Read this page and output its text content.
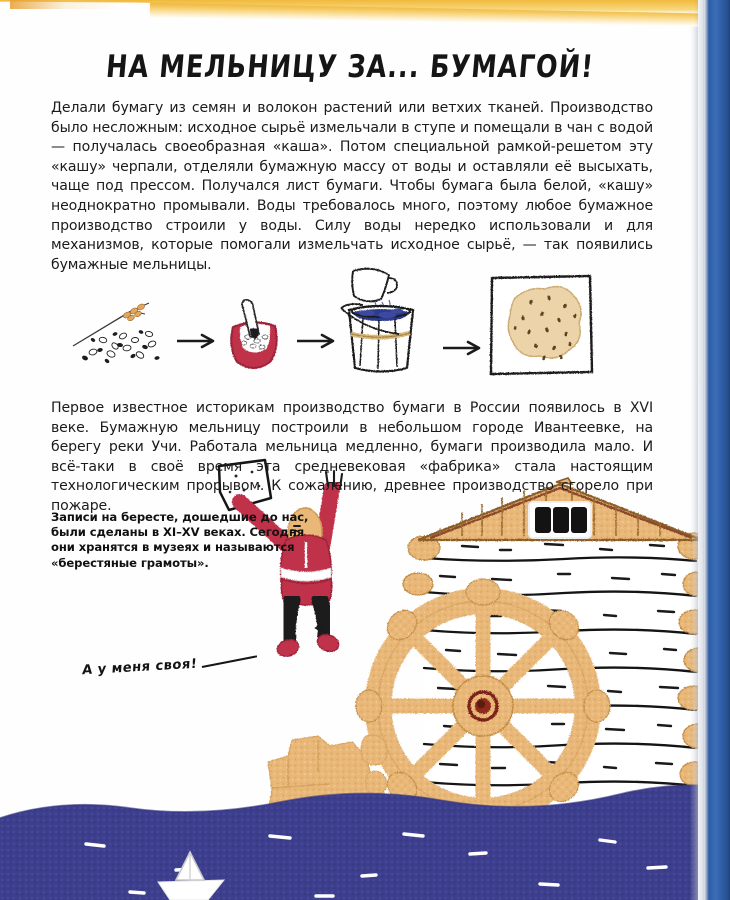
НА МЕЛЬНИЦУ ЗА... БУМАГОЙ!
Делали бумагу из семян и волокон растений или ветхих тканей. Производство было несложным: исходное сырьё измельчали в ступе и помещали в чан с водой — получалась своеобразная «каша». Потом специальной рамкой-решетом эту «кашу» черпали, отделяли бумажную массу от воды и оставляли её высыхать, чаще под прессом. Получался лист бумаги. Чтобы бумага была белой, «кашу» неоднократно промывали. Воды требовалось много, поэтому любое бумажное производство строили у воды. Силу воды нередко использовали и для механизмов, которые помогали измельчать исходное сырьё, — так появились бумажные мельницы.
Первое известное историкам производство бумаги в России появилось в XVI веке. Бумажную мельницу построили в небольшом городе Ивантеевке, на берегу реки Учи. Работала мельница медленно, бумаги производила мало. И всё-таки в своё время эта средневековая «фабрика» стала настоящим технологическим прорывом. К сожалению, древнее производство сгорело при пожаре.
Записи на бересте, дошедшие до нас, были сделаны в XI–XV веках. Сегодня они хранятся в музеях и называются «берестяные грамоты».
А у меня своя!
